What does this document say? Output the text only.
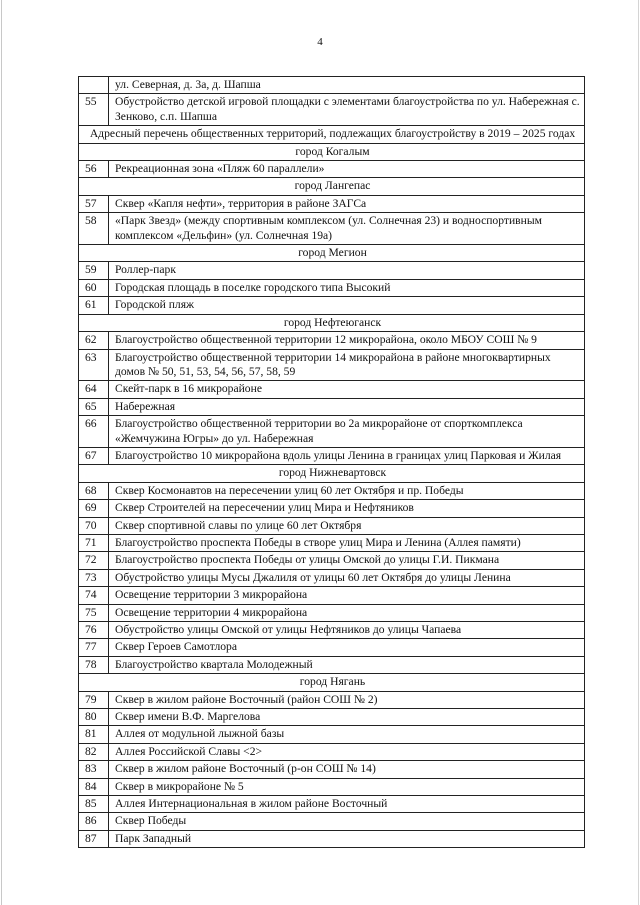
4
	ул. Северная, д. 3а, д. Шапша
55	Обустройство детской игровой площадки с элементами благоустройства по ул. Набережная с. Зенково, с.п. Шапша
Адресный перечень общественных территорий, подлежащих благоустройству в 2019 – 2025 годах	
город Когалым	
56	Рекреационная зона «Пляж 60 параллели»
город Лангепас	
57	Сквер «Капля нефти», территория в районе ЗАГСа
58	«Парк Звезд» (между спортивным комплексом (ул. Солнечная 23) и водноспортивным комплексом «Дельфин» (ул. Солнечная 19а)
город Мегион	
59	Роллер-парк
60	Городская площадь в поселке городского типа Высокий
61	Городской пляж
город Нефтеюганск	
62	Благоустройство общественной территории 12 микрорайона, около МБОУ СОШ № 9
63	Благоустройство общественной территории 14 микрорайона в районе многоквартирных домов № 50, 51, 53, 54, 56, 57, 58, 59
64	Скейт-парк в 16 микрорайоне
65	Набережная
66	Благоустройство общественной территории во 2а микрорайоне от спорткомплекса «Жемчужина Югры» до ул. Набережная
67	Благоустройство 10 микрорайона вдоль улицы Ленина в границах улиц Парковая и Жилая
город Нижневартовск	
68	Сквер Космонавтов на пересечении улиц 60 лет Октября и пр. Победы
69	Сквер Строителей на пересечении улиц Мира и Нефтяников
70	Сквер спортивной славы по улице 60 лет Октября
71	Благоустройство проспекта Победы в створе улиц Мира и Ленина (Аллея памяти)
72	Благоустройство проспекта Победы от улицы Омской до улицы Г.И. Пикмана
73	Обустройство улицы Мусы Джалиля от улицы 60 лет Октября до улицы Ленина
74	Освещение территории 3 микрорайона
75	Освещение территории 4 микрорайона
76	Обустройство улицы Омской от улицы Нефтяников до улицы Чапаева
77	Сквер Героев Самотлора
78	Благоустройство квартала Молодежный
город Нягань	
79	Сквер в жилом районе Восточный (район СОШ № 2)
80	Сквер имени В.Ф. Маргелова
81	Аллея от модульной лыжной базы
82	Аллея Российской Славы <2>
83	Сквер в жилом районе Восточный (р-он СОШ № 14)
84	Сквер в микрорайоне № 5
85	Аллея Интернациональная в жилом районе Восточный
86	Сквер Победы
87	Парк Западный
